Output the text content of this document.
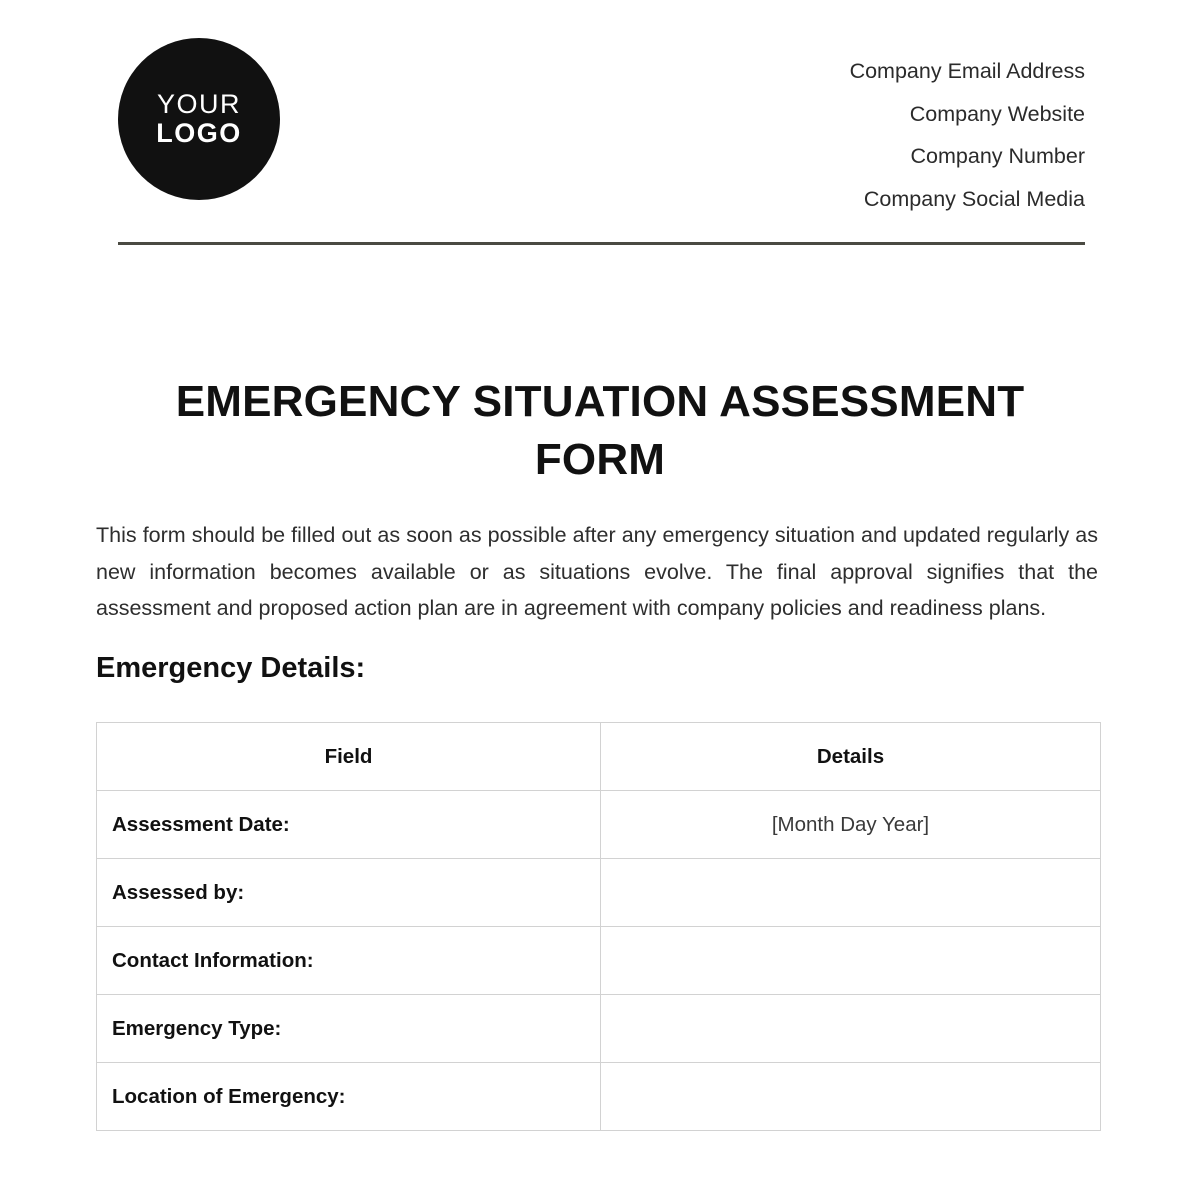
YOUR
LOGO
Company Email Address
Company Website
Company Number
Company Social Media
EMERGENCY SITUATION ASSESSMENT FORM

This form should be filled out as soon as possible after any emergency situation and updated regularly as new information becomes available or as situations evolve. The final approval signifies that the assessment and proposed action plan are in agreement with company policies and readiness plans.

Emergency Details:
Field	Details
Assessment Date:	[Month Day Year]
Assessed by:	
Contact Information:	
Emergency Type:	
Location of Emergency:	
